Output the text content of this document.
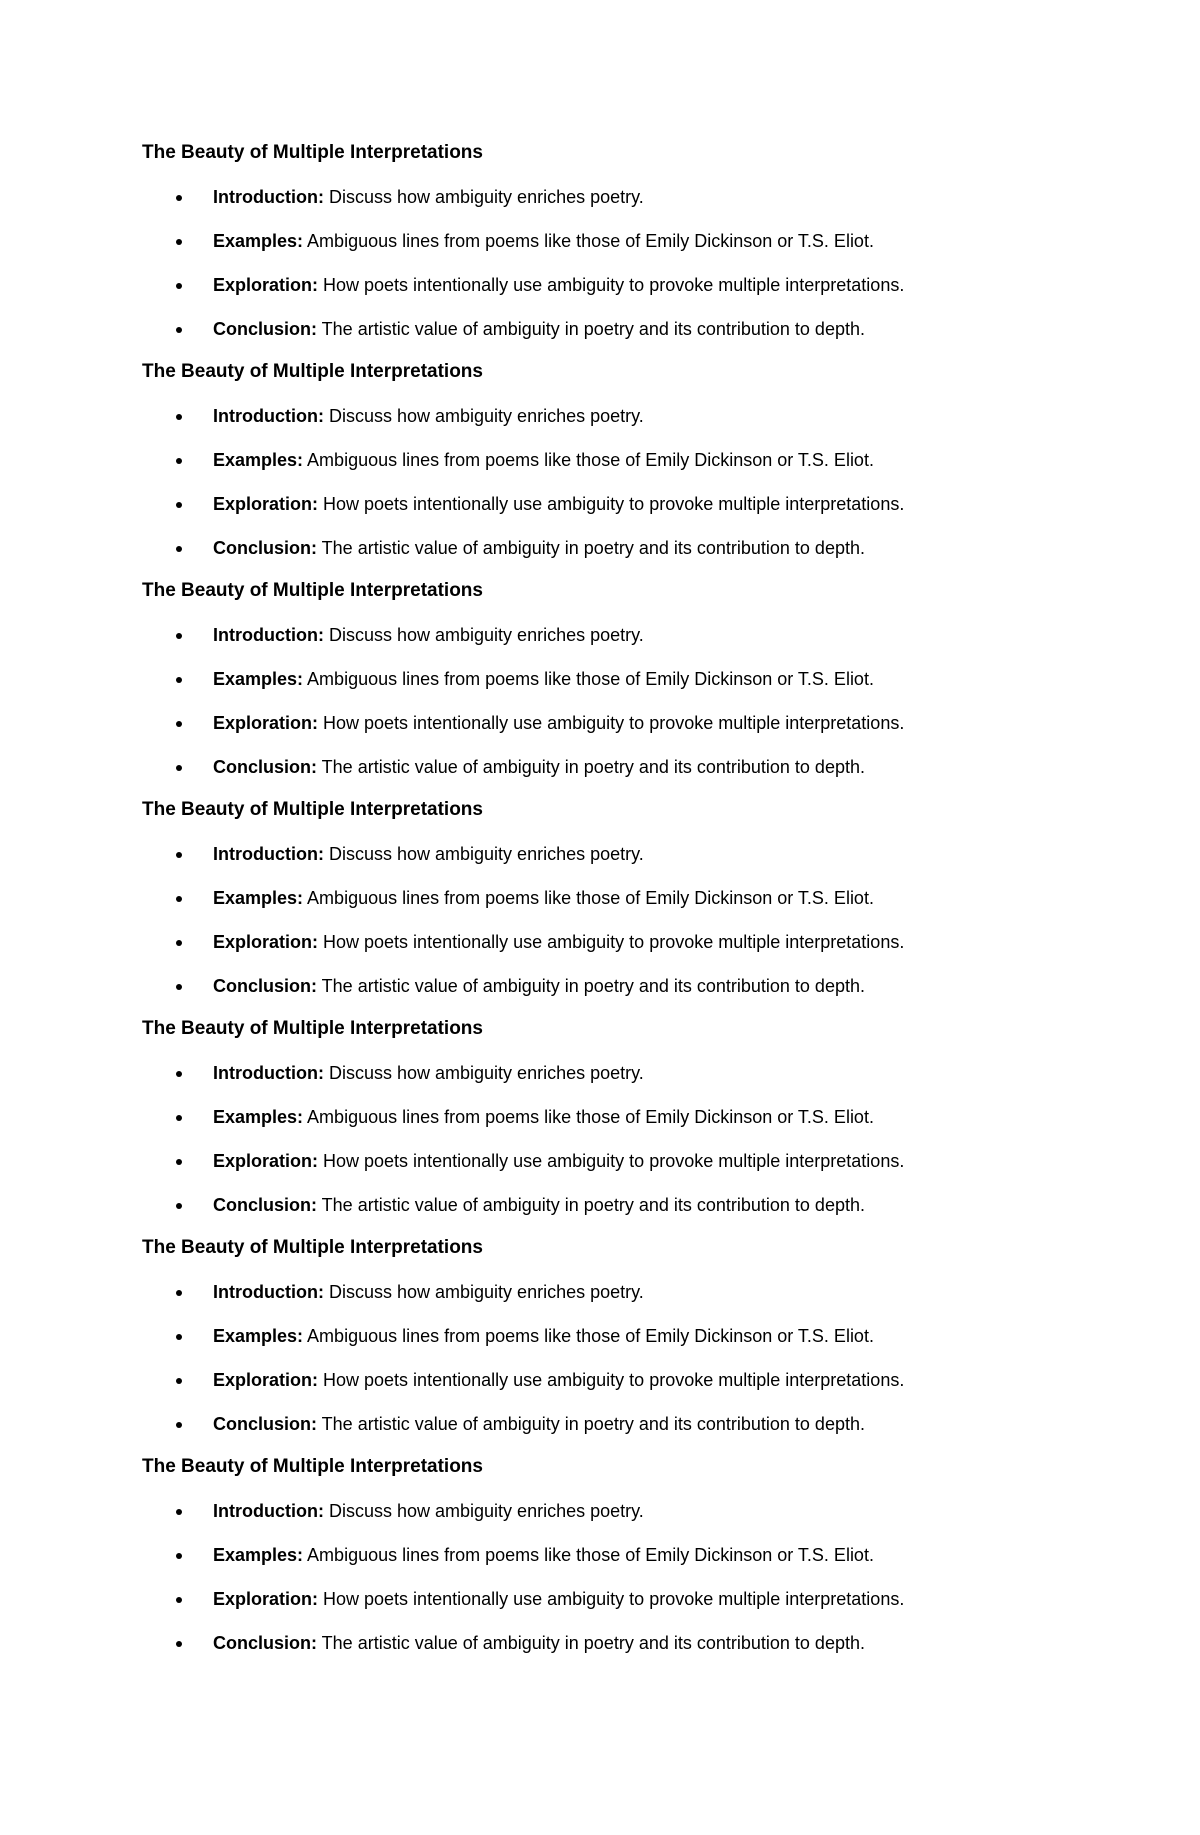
The Beauty of Multiple Interpretations
Introduction: Discuss how ambiguity enriches poetry.
Examples: Ambiguous lines from poems like those of Emily Dickinson or T.S. Eliot.
Exploration: How poets intentionally use ambiguity to provoke multiple interpretations.
Conclusion: The artistic value of ambiguity in poetry and its contribution to depth.
The Beauty of Multiple Interpretations
Introduction: Discuss how ambiguity enriches poetry.
Examples: Ambiguous lines from poems like those of Emily Dickinson or T.S. Eliot.
Exploration: How poets intentionally use ambiguity to provoke multiple interpretations.
Conclusion: The artistic value of ambiguity in poetry and its contribution to depth.
The Beauty of Multiple Interpretations
Introduction: Discuss how ambiguity enriches poetry.
Examples: Ambiguous lines from poems like those of Emily Dickinson or T.S. Eliot.
Exploration: How poets intentionally use ambiguity to provoke multiple interpretations.
Conclusion: The artistic value of ambiguity in poetry and its contribution to depth.
The Beauty of Multiple Interpretations
Introduction: Discuss how ambiguity enriches poetry.
Examples: Ambiguous lines from poems like those of Emily Dickinson or T.S. Eliot.
Exploration: How poets intentionally use ambiguity to provoke multiple interpretations.
Conclusion: The artistic value of ambiguity in poetry and its contribution to depth.
The Beauty of Multiple Interpretations
Introduction: Discuss how ambiguity enriches poetry.
Examples: Ambiguous lines from poems like those of Emily Dickinson or T.S. Eliot.
Exploration: How poets intentionally use ambiguity to provoke multiple interpretations.
Conclusion: The artistic value of ambiguity in poetry and its contribution to depth.
The Beauty of Multiple Interpretations
Introduction: Discuss how ambiguity enriches poetry.
Examples: Ambiguous lines from poems like those of Emily Dickinson or T.S. Eliot.
Exploration: How poets intentionally use ambiguity to provoke multiple interpretations.
Conclusion: The artistic value of ambiguity in poetry and its contribution to depth.
The Beauty of Multiple Interpretations
Introduction: Discuss how ambiguity enriches poetry.
Examples: Ambiguous lines from poems like those of Emily Dickinson or T.S. Eliot.
Exploration: How poets intentionally use ambiguity to provoke multiple interpretations.
Conclusion: The artistic value of ambiguity in poetry and its contribution to depth.
